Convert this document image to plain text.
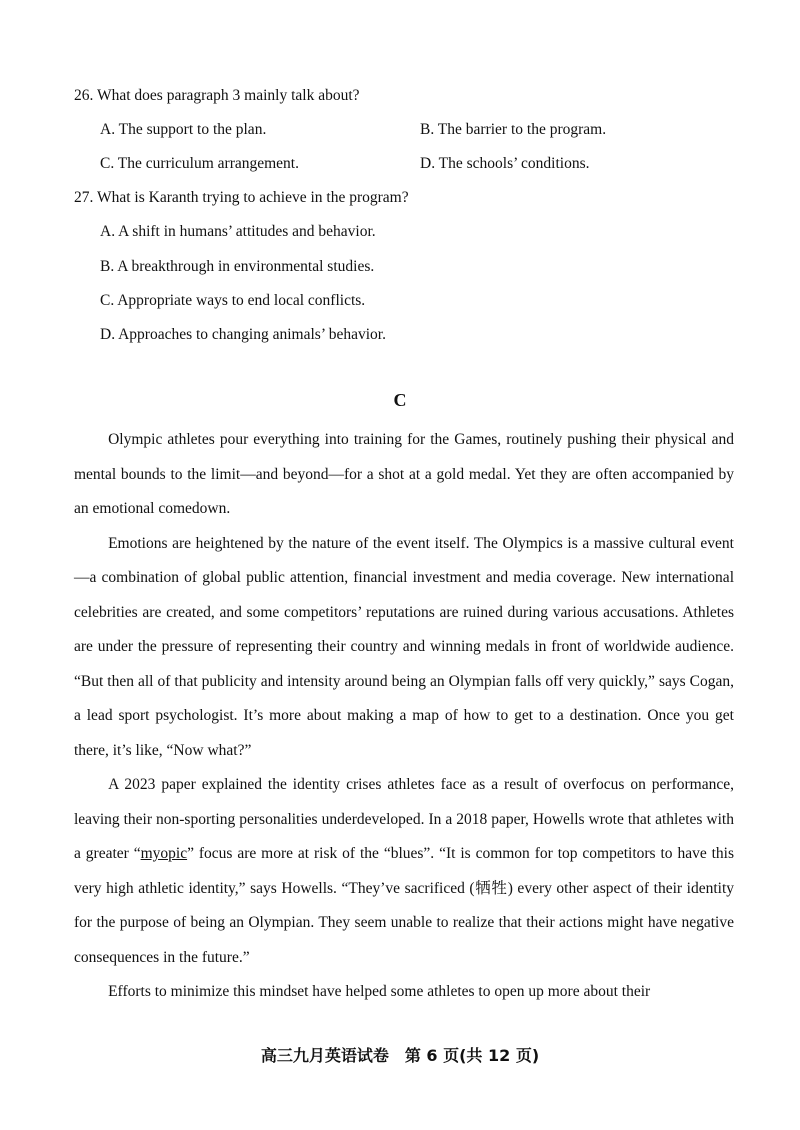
26. What does paragraph 3 mainly talk about?
A. The support to the plan.	B. The barrier to the program.
C. The curriculum arrangement.	D. The schools’ conditions.
27. What is Karanth trying to achieve in the program?
A. A shift in humans’ attitudes and behavior.
B. A breakthrough in environmental studies.
C. Appropriate ways to end local conflicts.
D. Approaches to changing animals’ behavior.
C

Olympic athletes pour everything into training for the Games, routinely pushing their physical and mental bounds to the limit—and beyond—for a shot at a gold medal. Yet they are often accompanied by an emotional comedown.

Emotions are heightened by the nature of the event itself. The Olympics is a massive cultural event—a combination of global public attention, financial investment and media coverage. New international celebrities are created, and some competitors’ reputations are ruined during various accusations. Athletes are under the pressure of representing their country and winning medals in front of worldwide audience. “But then all of that publicity and intensity around being an Olympian falls off very quickly,” says Cogan, a lead sport psychologist. It’s more about making a map of how to get to a destination. Once you get there, it’s like, “Now what?”

A 2023 paper explained the identity crises athletes face as a result of overfocus on performance, leaving their non-sporting personalities underdeveloped. In a 2018 paper, Howells wrote that athletes with a greater “myopic” focus are more at risk of the “blues”. “It is common for top competitors to have this very high athletic identity,” says Howells. “They’ve sacrificed (牺牲) every other aspect of their identity for the purpose of being an Olympian. They seem unable to realize that their actions might have negative consequences in the future.”

Efforts to minimize this mindset have helped some athletes to open up more about their

高三九月英语试卷　第 6 页(共 12 页)
